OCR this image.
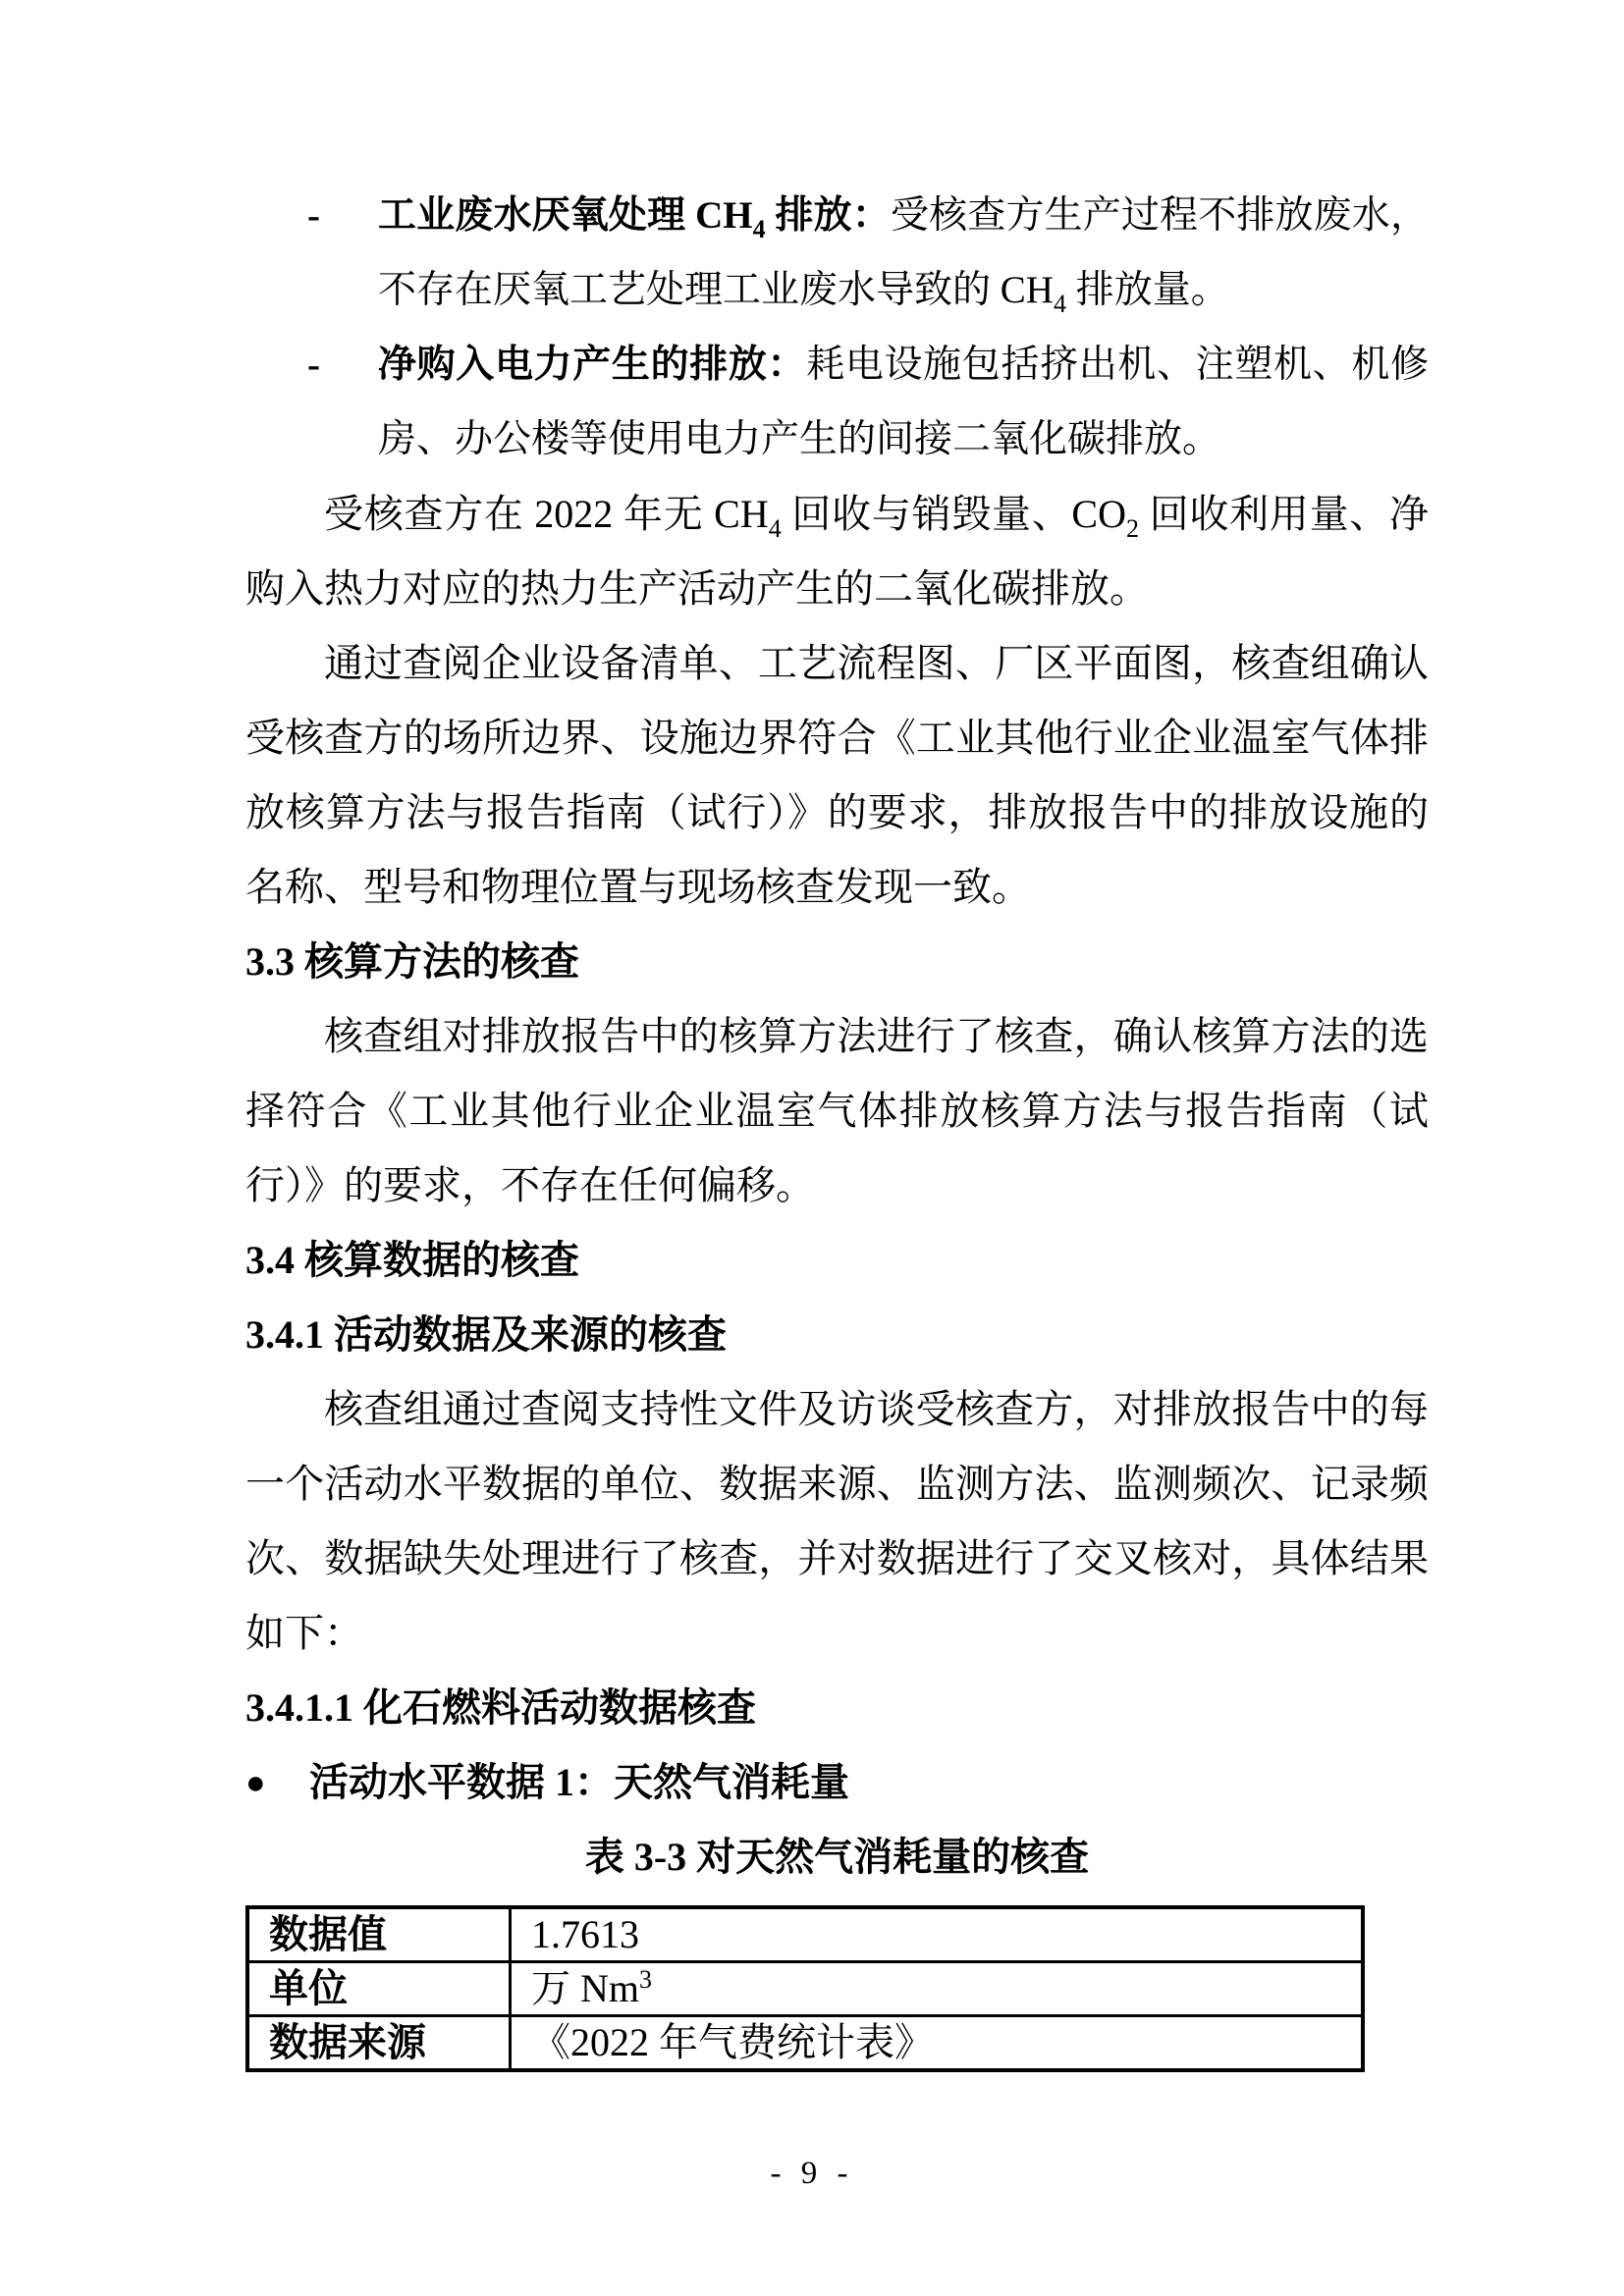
- 工业废水厌氧处理 $CH_4$ 排放：受核查方生产过程不排放废水，不存在厌氧工艺处理工业废水导致的 $CH_4$ 排放量。
- 净购入电力产生的排放：耗电设施包括挤出机、注塑机、机修房、办公楼等使用电力产生的间接二氧化碳排放。

受核查方在 2022 年无 $CH_4$ 回收与销毁量、$CO_2$ 回收利用量、净购入热力对应的热力生产活动产生的二氧化碳排放。

通过查阅企业设备清单、工艺流程图、厂区平面图，核查组确认受核查方的场所边界、设施边界符合《工业其他行业企业温室气体排放核算方法与报告指南（试行）》的要求，排放报告中的排放设施的名称、型号和物理位置与现场核查发现一致。

3.3 核算方法的核查

核查组对排放报告中的核算方法进行了核查，确认核算方法的选择符合《工业其他行业企业温室气体排放核算方法与报告指南（试行）》的要求，不存在任何偏移。

3.4 核算数据的核查
3.4.1 活动数据及来源的核查

核查组通过查阅支持性文件及访谈受核查方，对排放报告中的每一个活动水平数据的单位、数据来源、监测方法、监测频次、记录频次、数据缺失处理进行了核查，并对数据进行了交叉核对，具体结果如下：

3.4.1.1 化石燃料活动数据核查
● 活动水平数据 1：天然气消耗量
表 3-3 对天然气消耗量的核查
数据值	1.7613
单位	万 Nm$^3$
数据来源	《2022 年气费统计表》
- 9 -
